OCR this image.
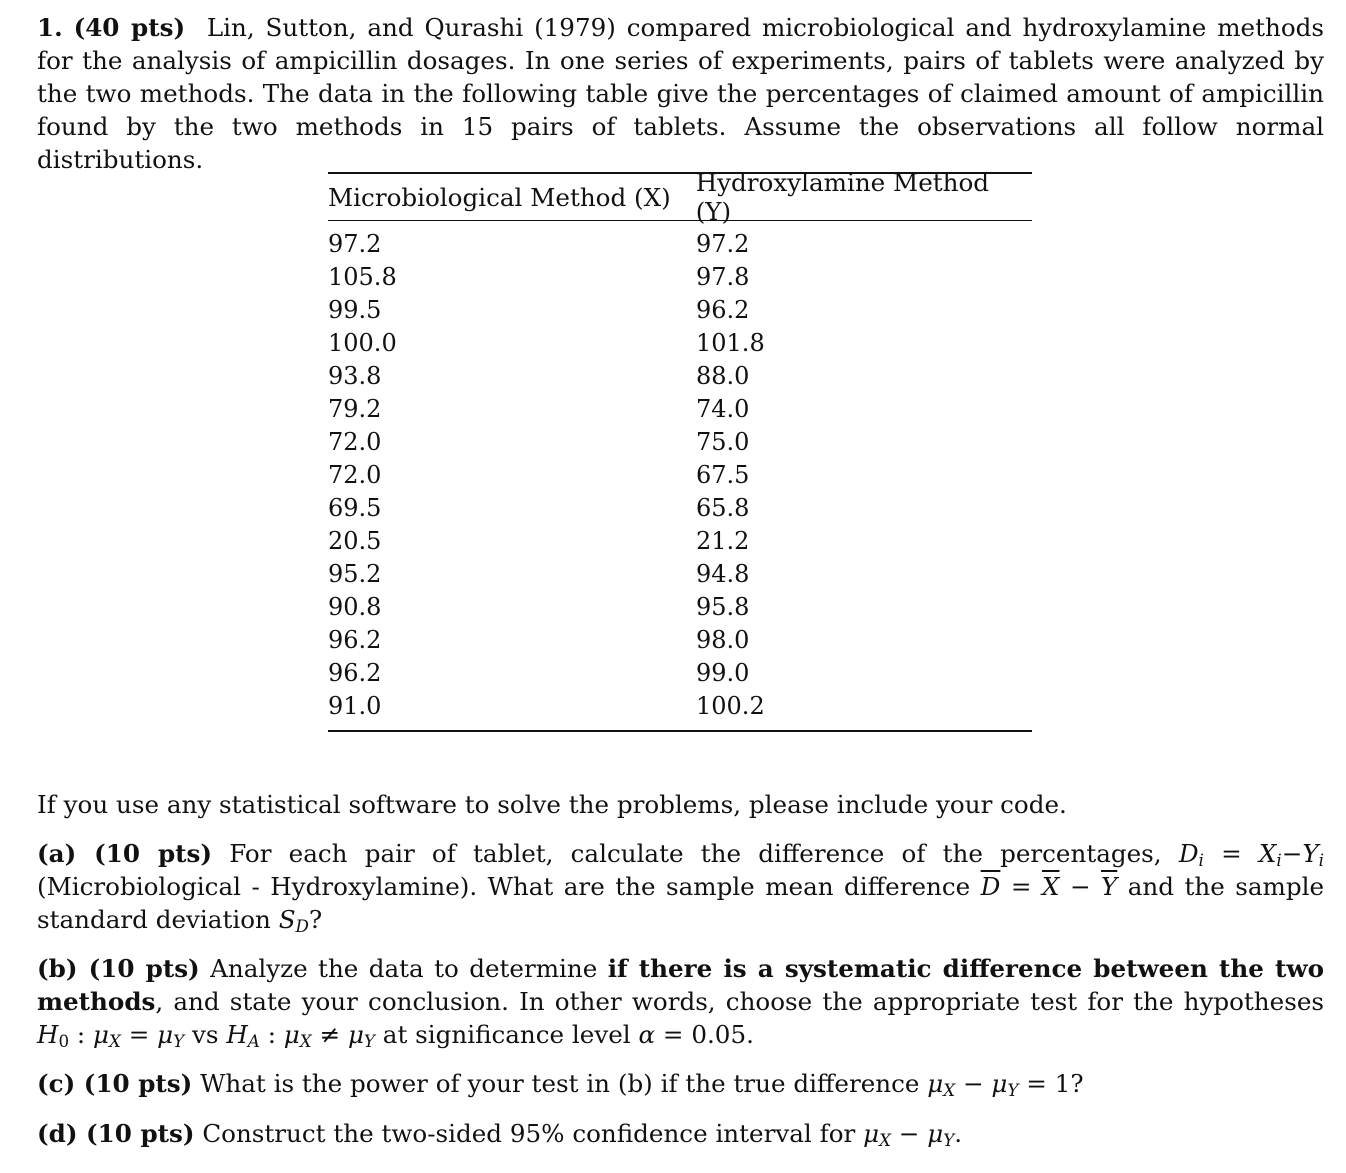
1. (40 pts) Lin, Sutton, and Qurashi (1979) compared microbiological and hydroxylamine methods for the analysis of ampicillin dosages. In one series of experiments, pairs of tablets were analyzed by the two methods. The data in the following table give the percentages of claimed amount of ampicillin found by the two methods in 15 pairs of tablets. Assume the observations all follow normal distributions.
Microbiological Method (X)	Hydroxylamine Method (Y)
97.2	97.2
105.8	97.8
99.5	96.2
100.0	101.8
93.8	88.0
79.2	74.0
72.0	75.0
72.0	67.5
69.5	65.8
20.5	21.2
95.2	94.8
90.8	95.8
96.2	98.0
96.2	99.0
91.0	100.2
If you use any statistical software to solve the problems, please include your code.
(a) (10 pts) For each pair of tablet, calculate the difference of the percentages, $D_i = X_i-Y_i$ (Microbiological - Hydroxylamine). What are the sample mean difference $\overline{D} = \overline{X} - \overline{Y}$ and the sample standard deviation $S_D$?
(b) (10 pts) Analyze the data to determine if there is a systematic difference between the two methods, and state your conclusion. In other words, choose the appropriate test for the hypotheses $H_0$ : $\mu_X = \mu_Y$ vs $H_A$ : $\mu_X \ne \mu_Y$ at significance level α = 0.05.
(c) (10 pts) What is the power of your test in (b) if the true difference $\mu_X - \mu_Y = 1$?
(d) (10 pts) Construct the two-sided 95% confidence interval for $\mu_X - \mu_Y$.
